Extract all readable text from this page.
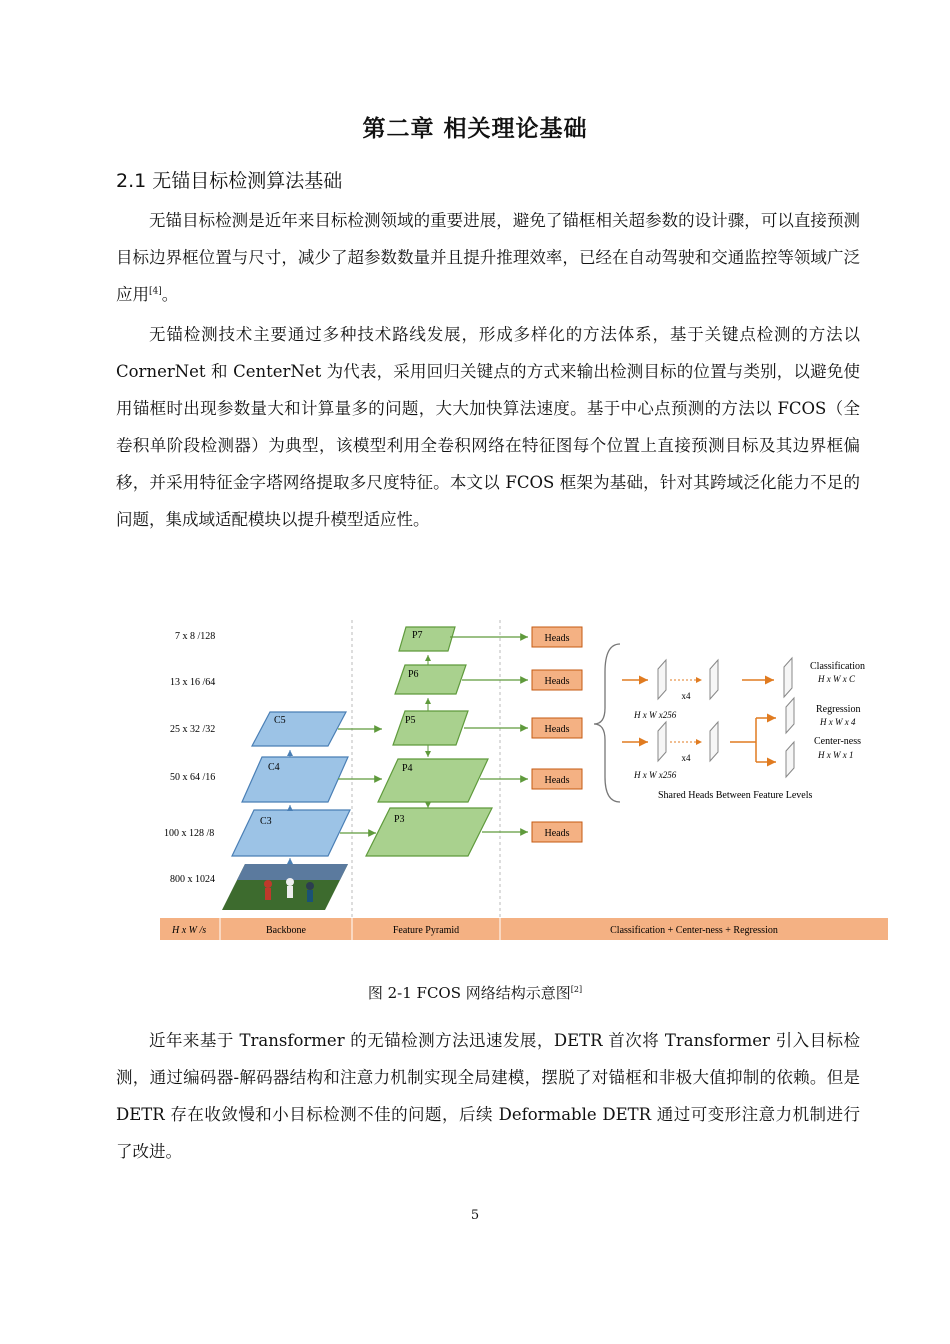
第二章 相关理论基础
2.1 无锚目标检测算法基础

无锚目标检测是近年来目标检测领域的重要进展，避免了锚框相关超参数的设计骤，可以直接预测目标边界框位置与尺寸，减少了超参数数量并且提升推理效率，已经在自动驾驶和交通监控等领域广泛应用[4]。

无锚检测技术主要通过多种技术路线发展，形成多样化的方法体系，基于关键点检测的方法以 CornerNet 和 CenterNet 为代表，采用回归关键点的方式来输出检测目标的位置与类别，以避免使用锚框时出现参数量大和计算量多的问题，大大加快算法速度。基于中心点预测的方法以 FCOS（全卷积单阶段检测器）为典型，该模型利用全卷积网络在特征图每个位置上直接预测目标及其边界框偏移，并采用特征金字塔网络提取多尺度特征。本文以 FCOS 框架为基础，针对其跨域泛化能力不足的问题，集成域适配模块以提升模型适应性。

7 x 8 /128
13 x 16 /64
25 x 32 /32
50 x 64 /16
100 x 128 /8
800 x 1024
C3
C4
C5
P3
P4
P5
P6
P7	Heads
Heads
Heads
Heads
Heads
x4
H x W x256
Classification
H x W x C
x4
H x W x256
Regression
H x W x 4
Center-ness
H x W x 1
Shared Heads Between Feature Levels
H x W /s	Backbone	Feature Pyramid	Classification + Center-ness + Regression
图 2-1 FCOS 网络结构示意图[2]

近年来基于 Transformer 的无锚检测方法迅速发展，DETR 首次将 Transformer 引入目标检测，通过编码器-解码器结构和注意力机制实现全局建模，摆脱了对锚框和非极大值抑制的依赖。但是 DETR 存在收敛慢和小目标检测不佳的问题，后续 Deformable DETR 通过可变形注意力机制进行了改进。

5
